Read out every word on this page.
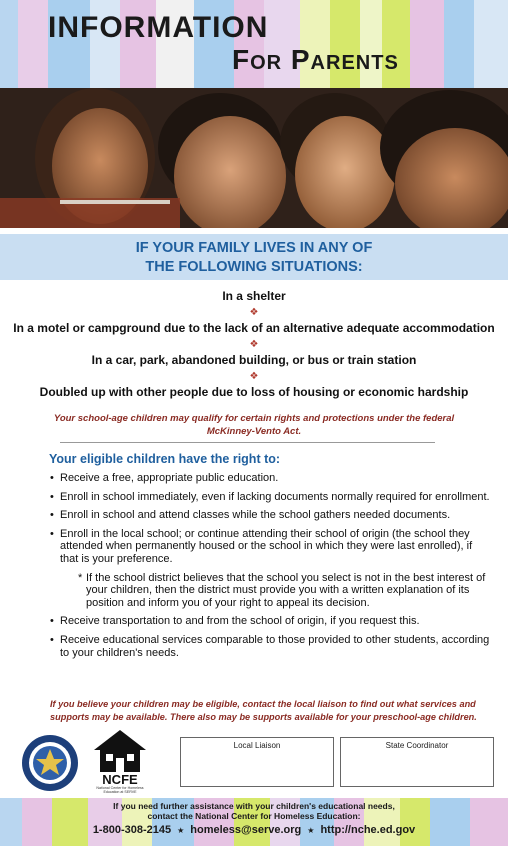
INFORMATION
For Parents
IF YOUR FAMILY LIVES IN ANY OF
THE FOLLOWING SITUATIONS:
In a shelter
❖
In a motel or campground due to the lack of an alternative adequate accommodation
❖
In a car, park, abandoned building, or bus or train station
❖
Doubled up with other people due to loss of housing or economic hardship
Your school-age children may qualify for certain rights and protections under the federal McKinney-Vento Act.
Your eligible children have the right to:
• Receive a free, appropriate public education.
• Enroll in school immediately, even if lacking documents normally required for enrollment.
• Enroll in school and attend classes while the school gathers needed documents.
• Enroll in the local school; or continue attending their school of origin (the school they attended when permanently housed or the school in which they were last enrolled), if that is your preference.
* If the school district believes that the school you select is not in the best interest of your children, then the district must provide you with a written explanation of its position and inform you of your right to appeal its decision.
• Receive transportation to and from the school of origin, if you request this.
• Receive educational services comparable to those provided to other students, according to your children's needs.
If you believe your children may be eligible, contact the local liaison to find out what services and supports may be available. There also may be supports available for your preschool-age children.
NCFE
National Center for Homeless Education at SERVE
Local Liaison	State Coordinator
If you need further assistance with your children's educational needs,
contact the National Center for Homeless Education:
1-800-308-2145 ★ homeless@serve.org ★ http://nche.ed.gov
